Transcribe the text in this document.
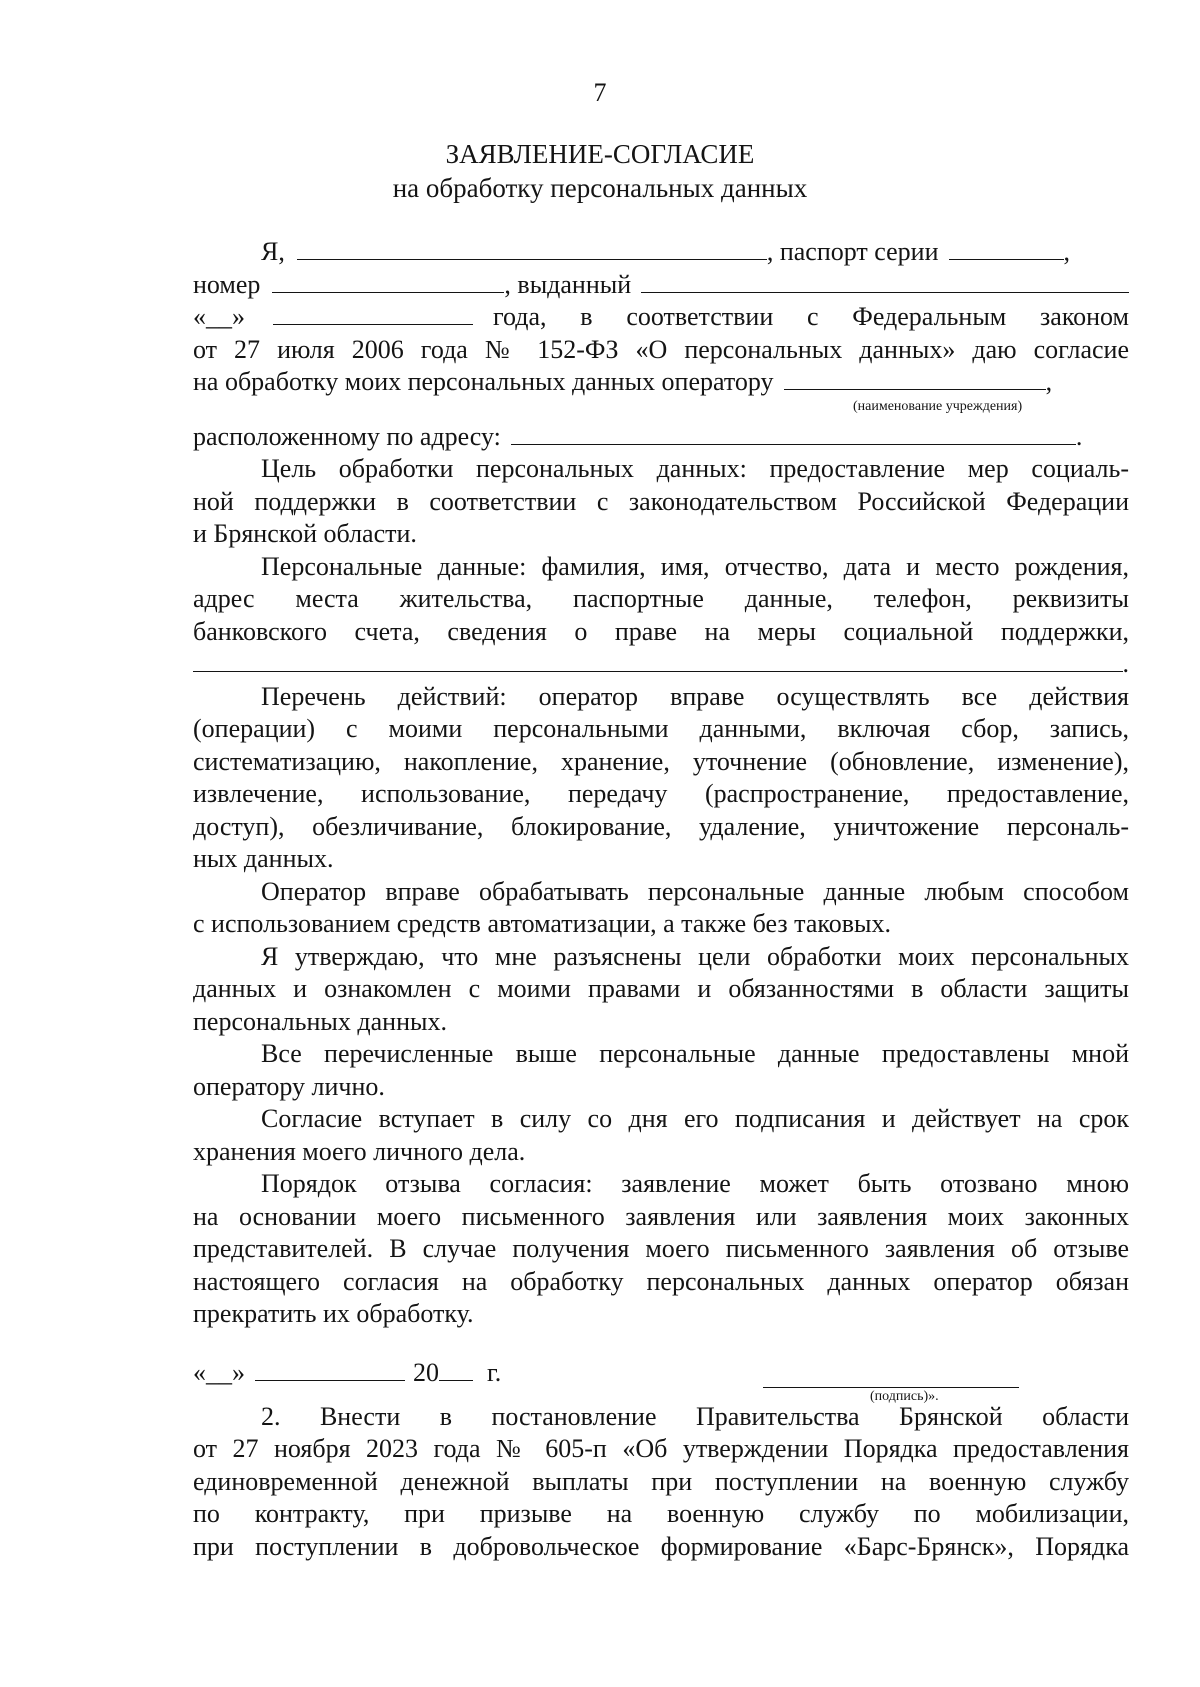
7
ЗАЯВЛЕНИЕ-СОГЛАСИЕ
на обработку персональных данных
Я,	, паспорт серии	,
номер	, выданный
«__»	года, в соответствии с Федеральным законом
от 27 июля 2006 года № 152-ФЗ «О персональных данных» даю согласие
на обработку моих персональных данных оператору	,
(наименование учреждения)
расположенному по адресу:	.
Цель обработки персональных данных: предоставление мер социаль-
ной поддержки в соответствии с законодательством Российской Федерации
и Брянской области.
Персональные данные: фамилия, имя, отчество, дата и место рождения,
адрес места жительства, паспортные данные, телефон, реквизиты
банковского счета, сведения о праве на меры социальной поддержки,
.
Перечень действий: оператор вправе осуществлять все действия
(операции) с моими персональными данными, включая сбор, запись,
систематизацию, накопление, хранение, уточнение (обновление, изменение),
извлечение, использование, передачу (распространение, предоставление,
доступ), обезличивание, блокирование, удаление, уничтожение персональ-
ных данных.
Оператор вправе обрабатывать персональные данные любым способом
с использованием средств автоматизации, а также без таковых.
Я утверждаю, что мне разъяснены цели обработки моих персональных
данных и ознакомлен с моими правами и обязанностями в области защиты
персональных данных.
Все перечисленные выше персональные данные предоставлены мной
оператору лично.
Согласие вступает в силу со дня его подписания и действует на срок
хранения моего личного дела.
Порядок отзыва согласия: заявление может быть отозвано мною
на основании моего письменного заявления или заявления моих законных
представителей. В случае получения моего письменного заявления об отзыве
настоящего согласия на обработку персональных данных оператор обязан
прекратить их обработку.
«__»	20 г.
(подпись)».
2. Внести в постановление Правительства Брянской области
от 27 ноября 2023 года № 605-п «Об утверждении Порядка предоставления
единовременной денежной выплаты при поступлении на военную службу
по контракту, при призыве на военную службу по мобилизации,
при поступлении в добровольческое формирование «Барс-Брянск», Порядка
